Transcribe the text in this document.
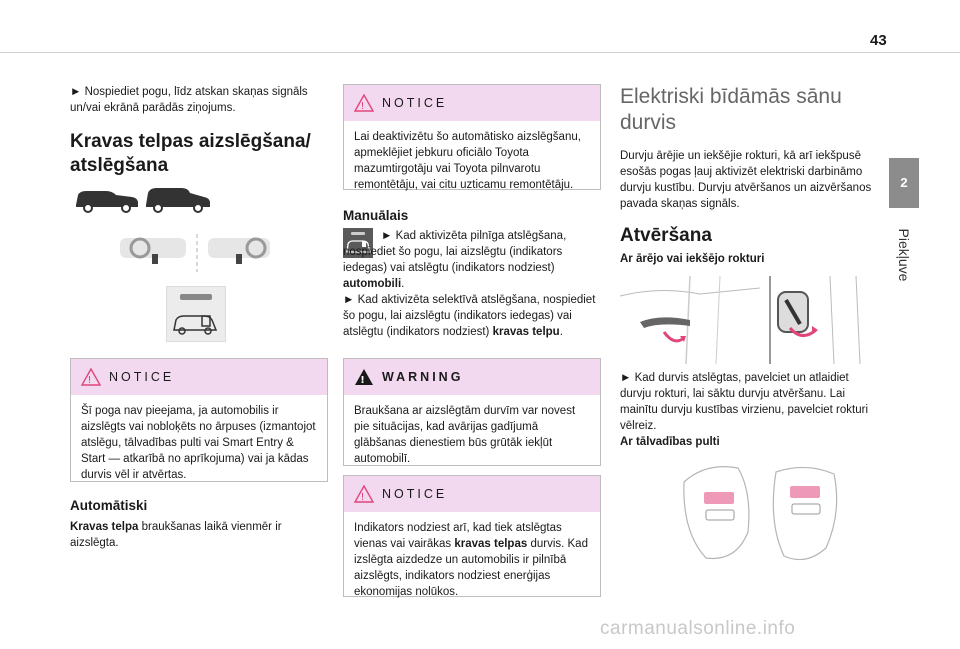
43
2
Piekļuve

► Nospiediet pogu, līdz atskan skaņas signāls un/vai ekrānā parādās ziņojums.

Kravas telpas aizslēgšana/ atslēgšana
! NOTICE
Šī poga nav pieejama, ja automobilis ir aizslēgts vai nobloķēts no ārpuses (izmantojot atslēgu, tālvadības pulti vai Smart Entry & Start — atkarībā no aprīkojuma) vai ja kādas durvis vēl ir atvērtas.
Automātiski

Kravas telpa braukšanas laikā vienmēr ir aizslēgta.

! NOTICE
Lai deaktivizētu šo automātisko aizslēgšanu, apmeklējiet jebkuru oficiālo Toyota mazumtirgotāju vai Toyota pilnvarotu remontētāju, vai citu uzticamu remontētāju.
Manuālais
► Kad aktivizēta pilnīga atslēgšana, nospiediet šo pogu, lai aizslēgtu (indikators iedegas) vai atslēgtu (indikators nodziest) automobili.
► Kad aktivizēta selektīvā atslēgšana, nospiediet šo pogu, lai aizslēgtu (indikators iedegas) vai atslēgtu (indikators nodziest) kravas telpu.
! WARNING
Braukšana ar aizslēgtām durvīm var novest pie situācijas, kad avārijas gadījumā glābšanas dienestiem būs grūtāk iekļūt automobilī.
! NOTICE
Indikators nodziest arī, kad tiek atslēgtas vienas vai vairākas kravas telpas durvis. Kad izslēgta aizdedze un automobilis ir pilnībā aizslēgts, indikators nodziest enerģijas ekonomijas nolūkos.
Elektriski bīdāmās sānu durvis

Durvju ārējie un iekšējie rokturi, kā arī iekšpusē esošās pogas ļauj aktivizēt elektriski darbināmo durvju kustību. Durvju atvēršanos un aizvēršanos pavada skaņas signāls.

Atvēršana
Ar ārējo vai iekšējo rokturi

► Kad durvis atslēgtas, pavelciet un atlaidiet durvju rokturi, lai sāktu durvju atvēršanu. Lai mainītu durvju kustības virzienu, pavelciet rokturi vēlreiz.

Ar tālvadības pulti
carmanualsonline.info
